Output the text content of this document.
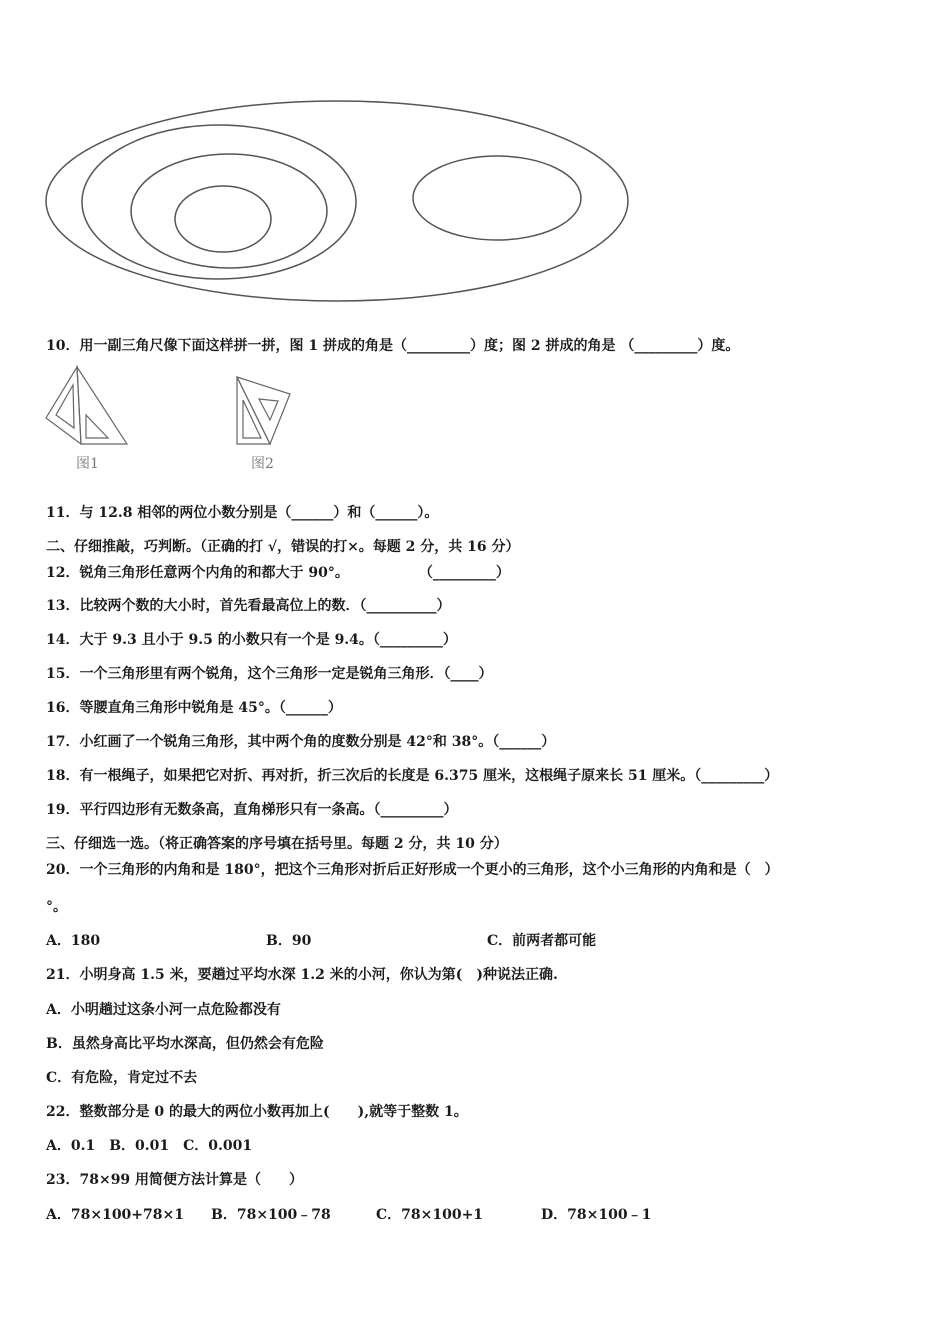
10．用一副三角尺像下面这样拼一拼，图 1 拼成的角是（_________）度；图 2 拼成的角是 （_________）度。
图1	图2
11．与 12.8 相邻的两位小数分别是（______）和（______）。
二、仔细推敲，巧判断。（正确的打 √，错误的打×。每题 2 分，共 16 分）
12．锐角三角形任意两个内角的和都大于 90°。　　　　　　（_________）
13．比较两个数的大小时，首先看最高位上的数．（__________）
14．大于 9.3 且小于 9.5 的小数只有一个是 9.4。（_________）
15．一个三角形里有两个锐角，这个三角形一定是锐角三角形．（____）
16．等腰直角三角形中锐角是 45°。（______）
17．小红画了一个锐角三角形，其中两个角的度数分别是 42°和 38°。（______）
18．有一根绳子，如果把它对折、再对折，折三次后的长度是 6.375 厘米，这根绳子原来长 51 厘米。（_________）
19．平行四边形有无数条高，直角梯形只有一条高。（_________）
三、仔细选一选。（将正确答案的序号填在括号里。每题 2 分，共 10 分）
20．一个三角形的内角和是 180°，把这个三角形对折后正好形成一个更小的三角形，这个小三角形的内角和是（　）
°。
A．180	B．90	C．前两者都可能
21．小明身高 1.5 米，要趟过平均水深 1.2 米的小河，你认为第(　)种说法正确.
A．小明趟过这条小河一点危险都没有
B．虽然身高比平均水深高，但仍然会有危险
C．有危险，肯定过不去
22．整数部分是 0 的最大的两位小数再加上(　　),就等于整数 1。
A．0.1　B．0.01　C．0.001
23．78×99 用简便方法计算是（　　）
A．78×100+78×1 B．78×100﹣78	C．78×100+1	D．78×100﹣1
